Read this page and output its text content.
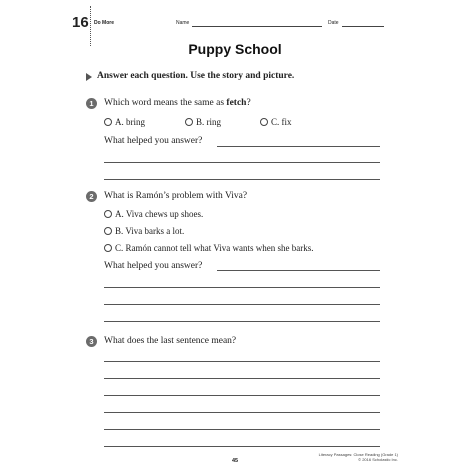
16 Do More	Name	Date
Puppy School
Answer each question. Use the story and picture.
1	Which word means the same as fetch?
A. bring	B. ring	C. fix
What helped you answer?
2	What is Ramón’s problem with Viva?
A. Viva chews up shoes.
B. Viva barks a lot.
C. Ramón cannot tell what Viva wants when she barks.
What helped you answer?
3	What does the last sentence mean?
Literacy Passages: Close Reading (Grade 1)
© 2016 Scholastic Inc.
45
